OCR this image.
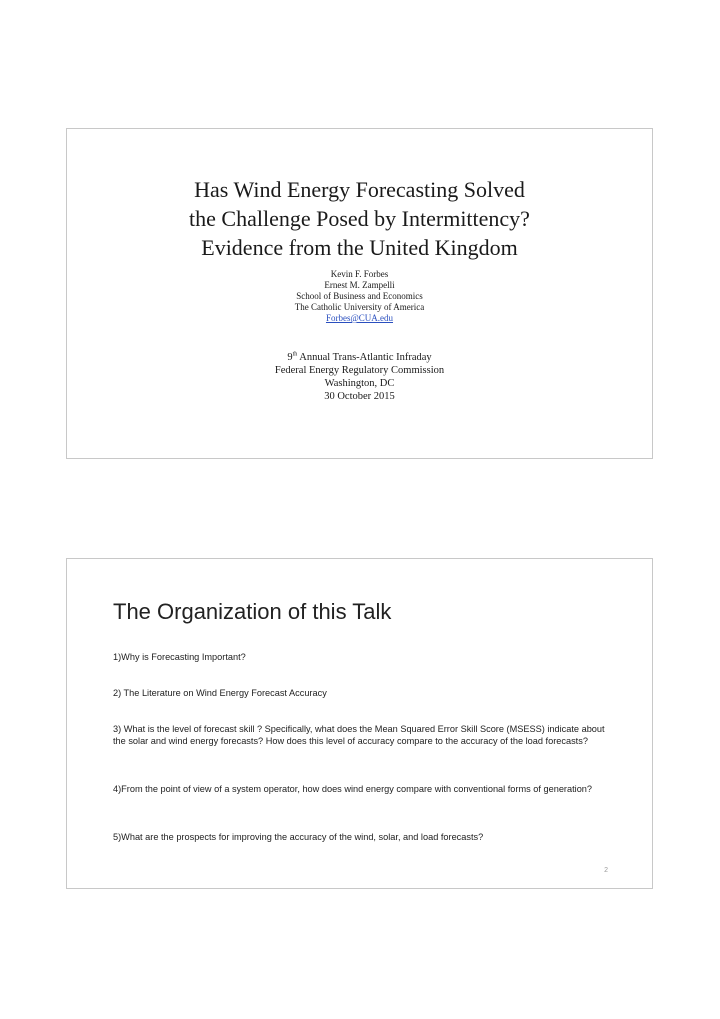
Has Wind Energy Forecasting Solved
the Challenge Posed by Intermittency?
Evidence from the United Kingdom
Kevin F. Forbes
Ernest M. Zampelli
School of Business and Economics
The Catholic University of America
Forbes@CUA.edu
9th Annual Trans-Atlantic Infraday
Federal Energy Regulatory Commission
Washington, DC
30 October 2015
The Organization of this Talk
1)Why is Forecasting Important?
2) The Literature on Wind Energy Forecast Accuracy
3) What is the level of forecast skill ? Specifically, what does the Mean Squared Error Skill Score (MSESS) indicate about the solar and wind energy forecasts? How does this level of accuracy compare to the accuracy of the load forecasts?
4)From the point of view of a system operator, how does wind energy compare with conventional forms of generation?
5)What are the prospects for improving the accuracy of the wind, solar, and load forecasts?
2
